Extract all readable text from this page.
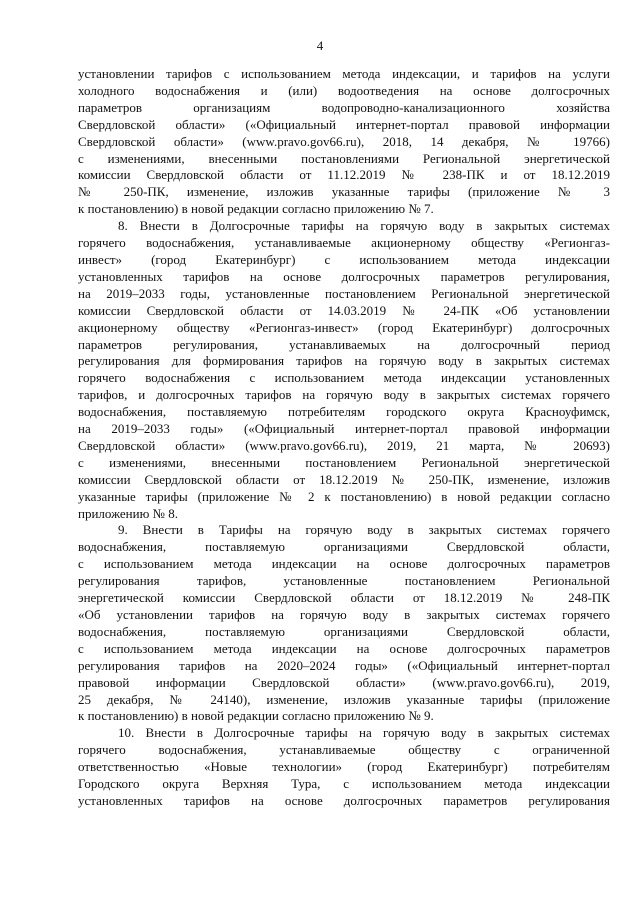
4
установлении тарифов с использованием метода индексации, и тарифов на услуги
холодного водоснабжения и (или) водоотведения на основе долгосрочных
параметров организациям водопроводно-канализационного хозяйства
Свердловской области» («Официальный интернет-портал правовой информации
Свердловской области» (www.pravo.gov66.ru), 2018, 14 декабря, № 19766)
с изменениями, внесенными постановлениями Региональной энергетической
комиссии Свердловской области от 11.12.2019 № 238-ПК и от 18.12.2019
№ 250-ПК, изменение, изложив указанные тарифы (приложение № 3
к постановлению) в новой редакции согласно приложению № 7.
8. Внести в Долгосрочные тарифы на горячую воду в закрытых системах
горячего водоснабжения, устанавливаемые акционерному обществу «Регионгаз-
инвест» (город Екатеринбург) с использованием метода индексации
установленных тарифов на основе долгосрочных параметров регулирования,
на 2019–2033 годы, установленные постановлением Региональной энергетической
комиссии Свердловской области от 14.03.2019 № 24-ПК «Об установлении
акционерному обществу «Регионгаз-инвест» (город Екатеринбург) долгосрочных
параметров регулирования, устанавливаемых на долгосрочный период
регулирования для формирования тарифов на горячую воду в закрытых системах
горячего водоснабжения с использованием метода индексации установленных
тарифов, и долгосрочных тарифов на горячую воду в закрытых системах горячего
водоснабжения, поставляемую потребителям городского округа Красноуфимск,
на 2019–2033 годы» («Официальный интернет-портал правовой информации
Свердловской области» (www.pravo.gov66.ru), 2019, 21 марта, № 20693)
с изменениями, внесенными постановлением Региональной энергетической
комиссии Свердловской области от 18.12.2019 № 250-ПК, изменение, изложив
указанные тарифы (приложение № 2 к постановлению) в новой редакции согласно
приложению № 8.
9. Внести в Тарифы на горячую воду в закрытых системах горячего
водоснабжения, поставляемую организациями Свердловской области,
с использованием метода индексации на основе долгосрочных параметров
регулирования тарифов, установленные постановлением Региональной
энергетической комиссии Свердловской области от 18.12.2019 № 248-ПК
«Об установлении тарифов на горячую воду в закрытых системах горячего
водоснабжения, поставляемую организациями Свердловской области,
с использованием метода индексации на основе долгосрочных параметров
регулирования тарифов на 2020–2024 годы» («Официальный интернет-портал
правовой информации Свердловской области» (www.pravo.gov66.ru), 2019,
25 декабря, № 24140), изменение, изложив указанные тарифы (приложение
к постановлению) в новой редакции согласно приложению № 9.
10. Внести в Долгосрочные тарифы на горячую воду в закрытых системах
горячего водоснабжения, устанавливаемые обществу с ограниченной
ответственностью «Новые технологии» (город Екатеринбург) потребителям
Городского округа Верхняя Тура, с использованием метода индексации
установленных тарифов на основе долгосрочных параметров регулирования
